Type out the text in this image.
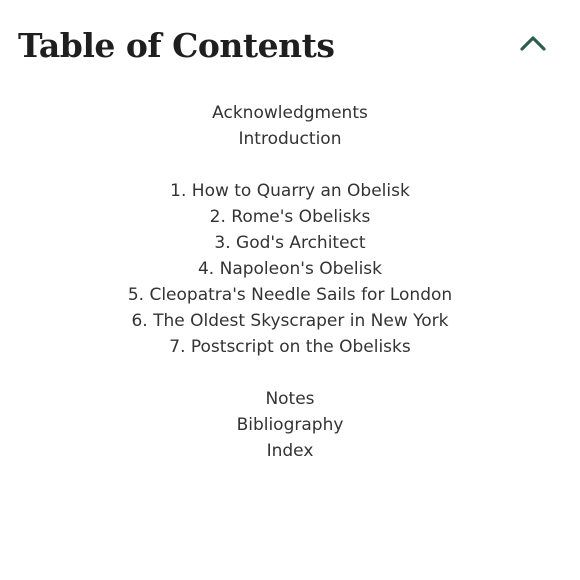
Table of Contents
Acknowledgments
Introduction
1. How to Quarry an Obelisk
2. Rome's Obelisks
3. God's Architect
4. Napoleon's Obelisk
5. Cleopatra's Needle Sails for London
6. The Oldest Skyscraper in New York
7. Postscript on the Obelisks
Notes
Bibliography
Index
